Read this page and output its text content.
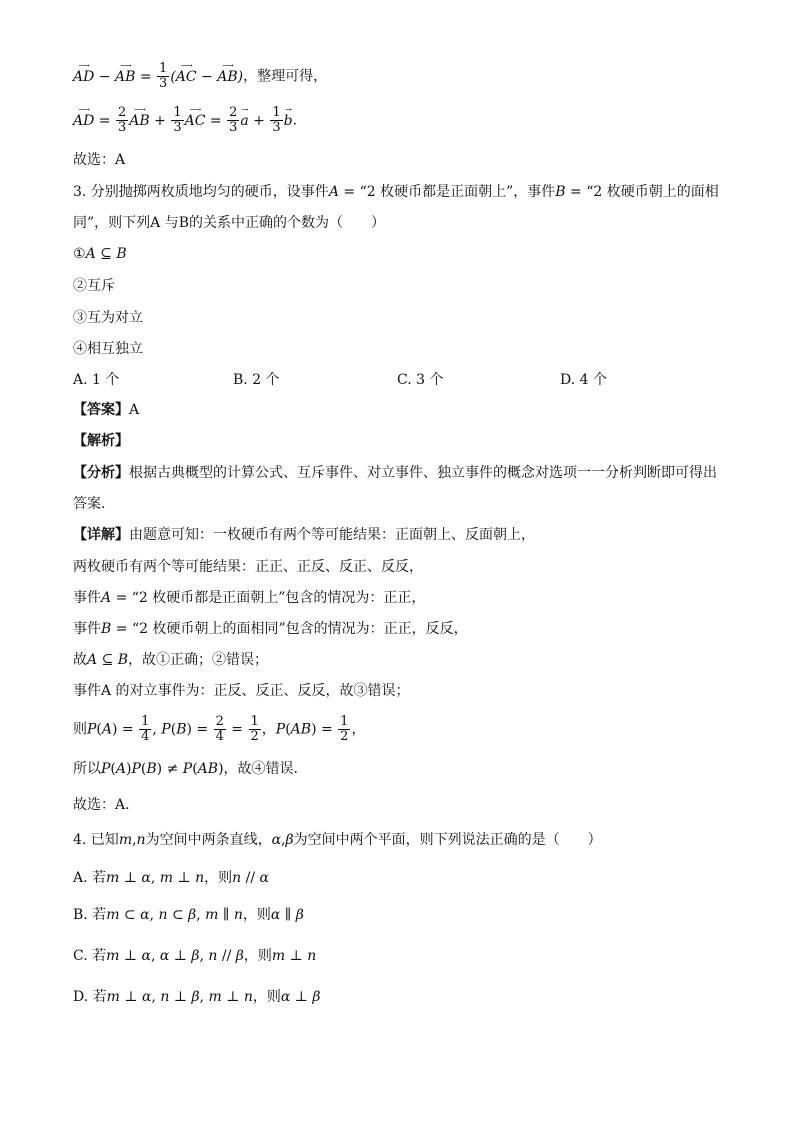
AD
⟶
− AB
⟶
= $\frac{1}{3} (AC$
⟶
− AB
⟶
)，整理可得，
AD
⟶
= $\frac{2}{3}$ AB
⟶
+ $\frac{1}{3}$ AC
⟶
= $\frac{2}{3}$ a
→
+ $\frac{1}{3}$ b
→
.
故选：A
3. 分别抛掷两枚质地均匀的硬币，设事件A = “2 枚硬币都是正面朝上”，事件B = “2 枚硬币朝上的面相
同”，则下列A 与B的关系中正确的个数为（　　）
①A ⊆ B
②互斥
③互为对立
④相互独立
A. 1 个	B. 2 个	C. 3 个	D. 4 个
【答案】A
【解析】
【分析】根据古典概型的计算公式、互斥事件、对立事件、独立事件的概念对选项一一分析判断即可得出
答案.
【详解】由题意可知：一枚硬币有两个等可能结果：正面朝上、反面朝上，
两枚硬币有两个等可能结果：正正、正反、反正、反反，
事件A = “2 枚硬币都是正面朝上”包含的情况为：正正，
事件B = “2 枚硬币朝上的面相同”包含的情况为：正正，反反，
故A ⊆ B，故①正确；②错误；
事件A 的对立事件为：正反、反正、反反，故③错误；
则$P(A) = \frac{1}{4}$ , $P(B) = \frac{2}{4} = \frac{1}{2}$ ，$P(AB) = \frac{1}{2}$ ，
所以P(A)P(B) ≠ P(AB)，故④错误.
故选：A.
4. 已知m,n为空间中两条直线，α,β为空间中两个平面，则下列说法正确的是（　　）
A. 若m ⊥ α, m ⊥ n，则n // α
B. 若m ⊂ α, n ⊂ β, m ∥ n，则α ∥ β
C. 若m ⊥ α, α ⊥ β, n // β，则m ⊥ n
D. 若m ⊥ α, n ⊥ β, m ⊥ n，则α ⊥ β
